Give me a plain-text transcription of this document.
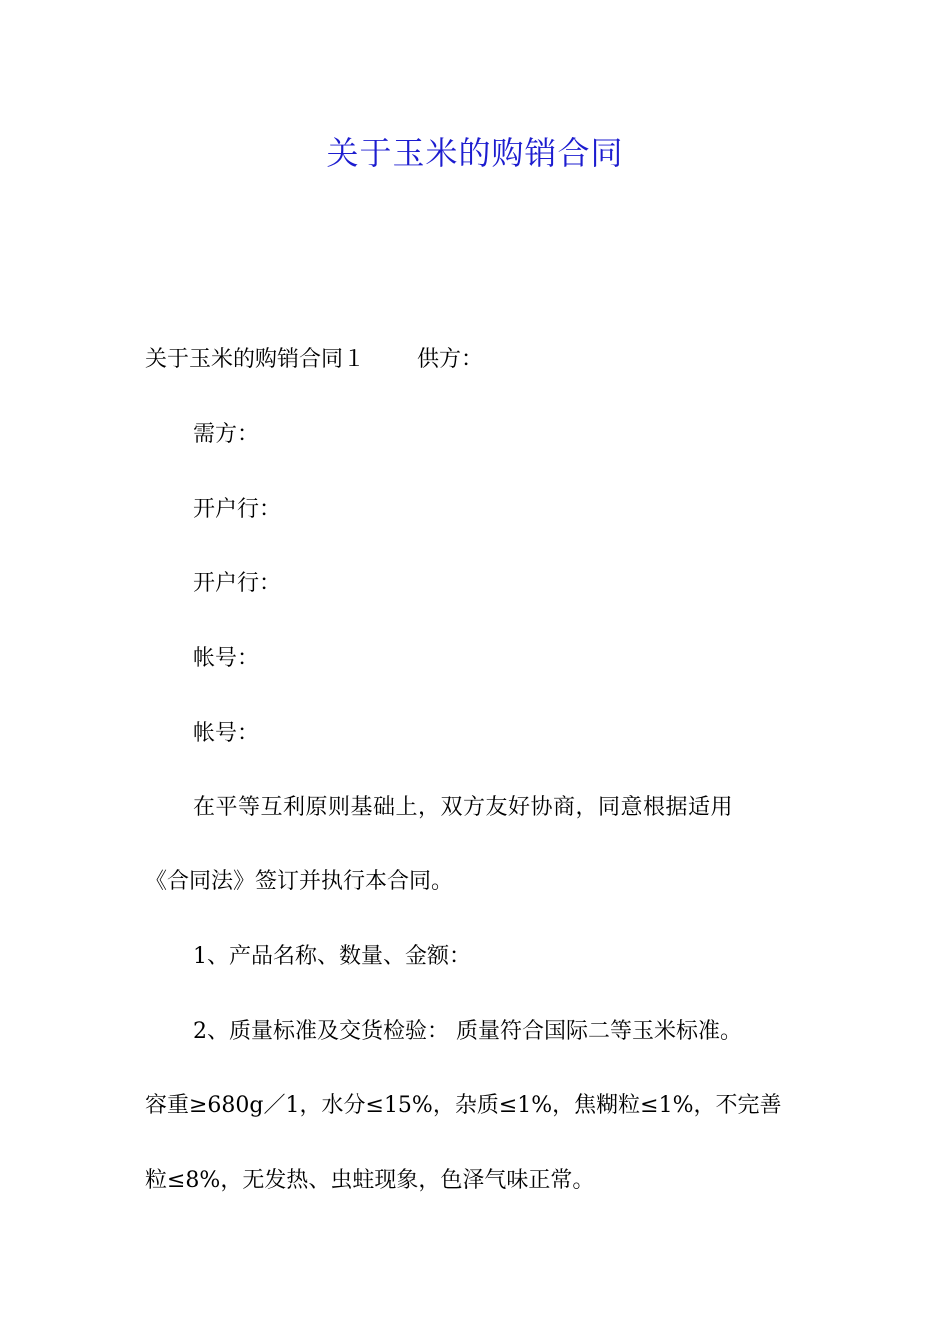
关于玉米的购销合同
关于玉米的购销合同１ 供方：
需方：
开户行：
开户行：
帐号：
帐号：
在平等互利原则基础上，双方友好协商，同意根据适用
《合同法》签订并执行本合同。
1、产品名称、数量、金额：
2、质量标准及交货检验： 质量符合国际二等玉米标准。
容重≥680g／1，水分≤15%，杂质≤1%，焦糊粒≤1%，不完善
粒≤8%，无发热、虫蛀现象，色泽气味正常。
